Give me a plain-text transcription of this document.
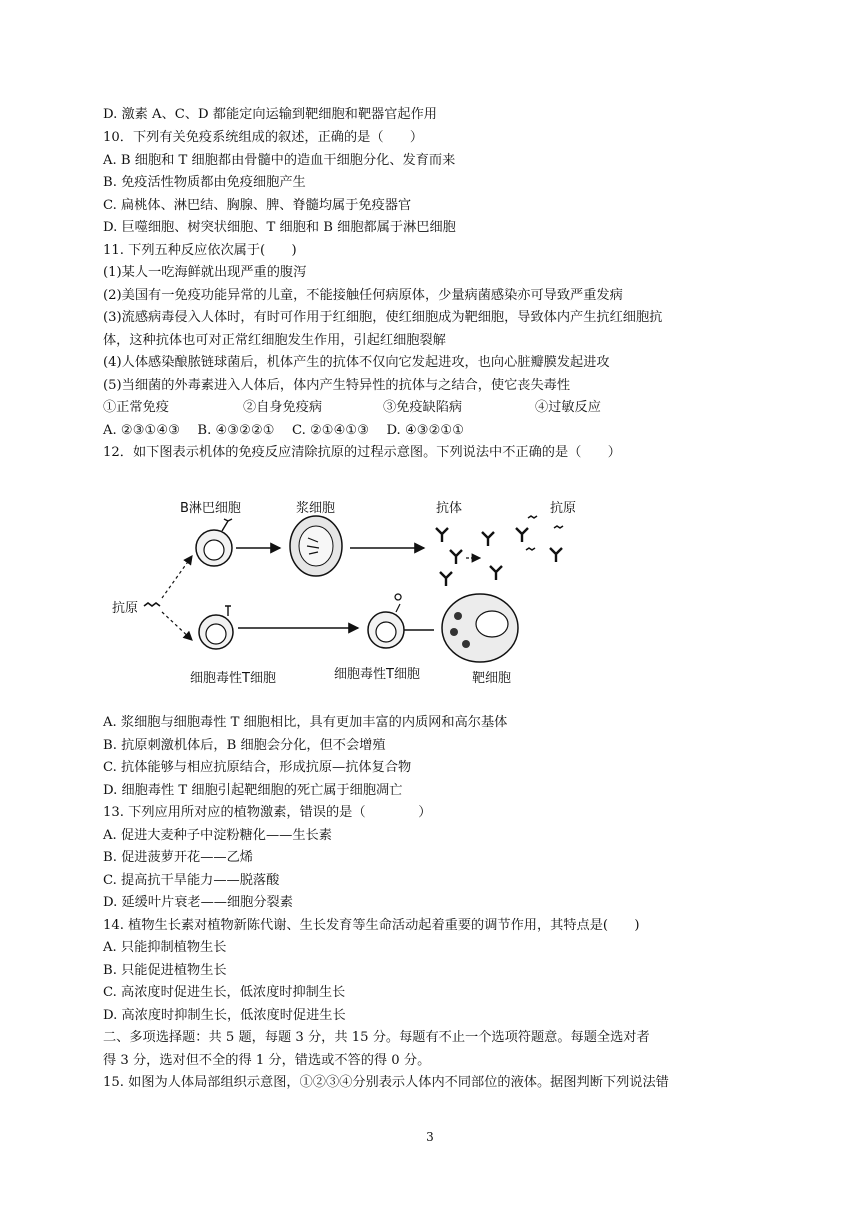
D. 激素 A、C、D 都能定向运输到靶细胞和靶器官起作用
10．下列有关免疫系统组成的叙述，正确的是（　　）
A. B 细胞和 T 细胞都由骨髓中的造血干细胞分化、发育而来
B. 免疫活性物质都由免疫细胞产生
C. 扁桃体、淋巴结、胸腺、脾、脊髓均属于免疫器官
D. 巨噬细胞、树突状细胞、T 细胞和 B 细胞都属于淋巴细胞
11. 下列五种反应依次属于(　　)
(1)某人一吃海鲜就出现严重的腹泻
(2)美国有一免疫功能异常的儿童，不能接触任何病原体，少量病菌感染亦可导致严重发病
(3)流感病毒侵入人体时，有时可作用于红细胞，使红细胞成为靶细胞，导致体内产生抗红细胞抗
体，这种抗体也可对正常红细胞发生作用，引起红细胞裂解
(4)人体感染酿脓链球菌后，机体产生的抗体不仅向它发起进攻，也向心脏瓣膜发起进攻
(5)当细菌的外毒素进入人体后，体内产生特异性的抗体与之结合，使它丧失毒性
①正常免疫	②自身免疫病	③免疫缺陷病	④过敏反应
A. ②③①④③　 B. ④③②②①　 C. ②①④①③　 D. ④③②①①
12．如下图表示机体的免疫反应清除抗原的过程示意图。下列说法中不正确的是（　　）
B淋巴细胞	浆细胞	抗体	抗原
抗原
细胞毒性T细胞	细胞毒性T细胞	靶细胞
A. 浆细胞与细胞毒性 T 细胞相比，具有更加丰富的内质网和高尔基体
B. 抗原刺激机体后，B 细胞会分化，但不会增殖
C. 抗体能够与相应抗原结合，形成抗原—抗体复合物
D. 细胞毒性 T 细胞引起靶细胞的死亡属于细胞凋亡
13. 下列应用所对应的植物激素，错误的是（　　　　）
A. 促进大麦种子中淀粉糖化——生长素
B. 促进菠萝开花——乙烯
C. 提高抗干旱能力——脱落酸
D. 延缓叶片衰老——细胞分裂素
14. 植物生长素对植物新陈代谢、生长发育等生命活动起着重要的调节作用，其特点是(　　)
A. 只能抑制植物生长
B. 只能促进植物生长
C. 高浓度时促进生长，低浓度时抑制生长
D. 高浓度时抑制生长，低浓度时促进生长
二、多项选择题：共 5 题，每题 3 分，共 15 分。每题有不止一个选项符题意。每题全选对者
得 3 分，选对但不全的得 1 分，错选或不答的得 0 分。
15. 如图为人体局部组织示意图，①②③④分别表示人体内不同部位的液体。据图判断下列说法错
3
